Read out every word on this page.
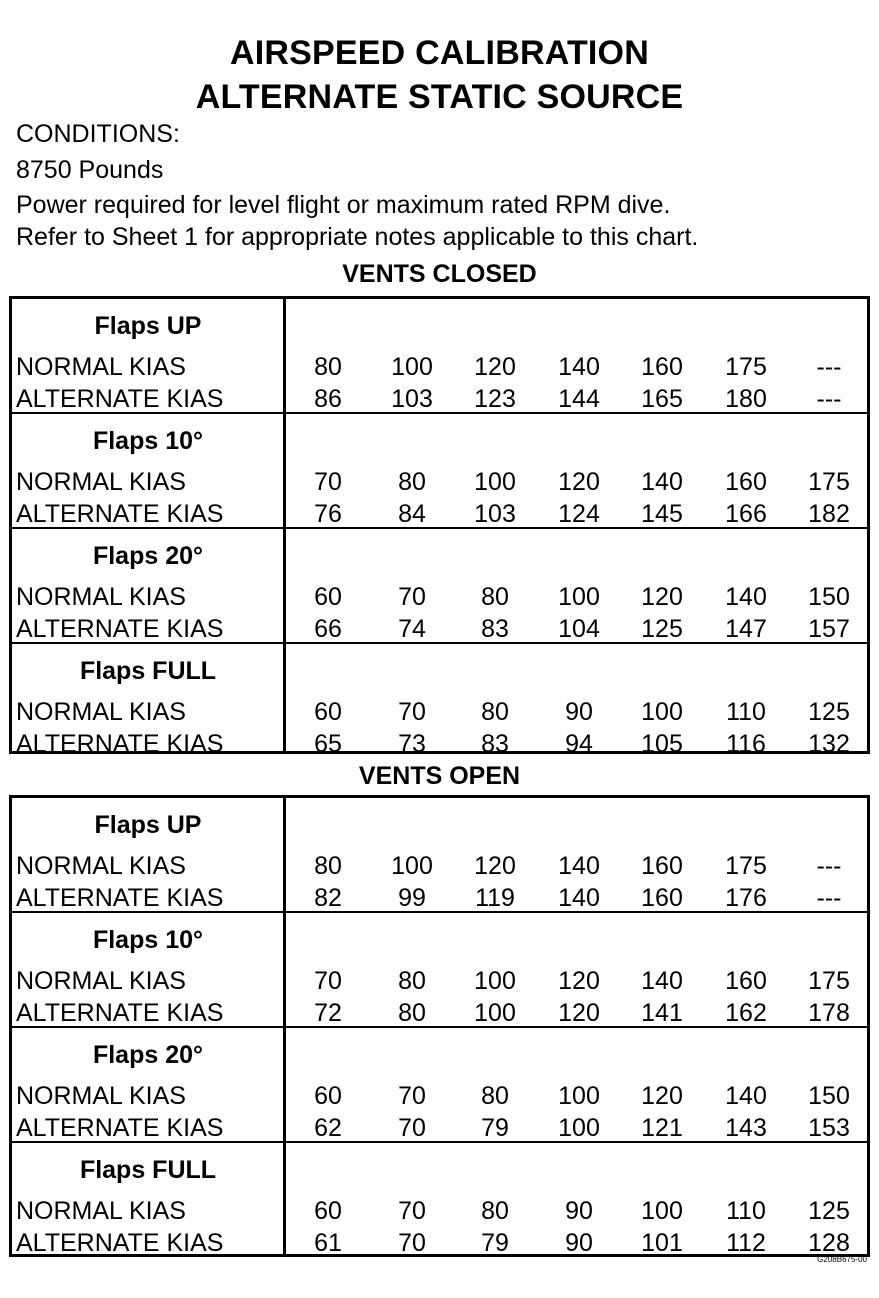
AIRSPEED CALIBRATION
ALTERNATE STATIC SOURCE
CONDITIONS:
8750 Pounds
Power required for level flight or maximum rated RPM dive.
Refer to Sheet 1 for appropriate notes applicable to this chart.
VENTS CLOSED
Flaps UP
NORMAL KIAS
ALTERNATE KIAS
80
86
100
103
120
123
140
144
160
165
175
180
---
---
Flaps 10°
NORMAL KIAS
ALTERNATE KIAS
70
76
80
84
100
103
120
124
140
145
160
166
175
182
Flaps 20°
NORMAL KIAS
ALTERNATE KIAS
60
66
70
74
80
83
100
104
120
125
140
147
150
157
Flaps FULL
NORMAL KIAS
ALTERNATE KIAS
60
65
70
73
80
83
90
94
100
105
110
116
125
132
VENTS OPEN
Flaps UP
NORMAL KIAS
ALTERNATE KIAS
80
82
100
99
120
119
140
140
160
160
175
176
---
---
Flaps 10°
NORMAL KIAS
ALTERNATE KIAS
70
72
80
80
100
100
120
120
140
141
160
162
175
178
Flaps 20°
NORMAL KIAS
ALTERNATE KIAS
60
62
70
70
80
79
100
100
120
121
140
143
150
153
Flaps FULL
NORMAL KIAS
ALTERNATE KIAS
60
61
70
70
80
79
90
90
100
101
110
112
125
128
G208B675-00
